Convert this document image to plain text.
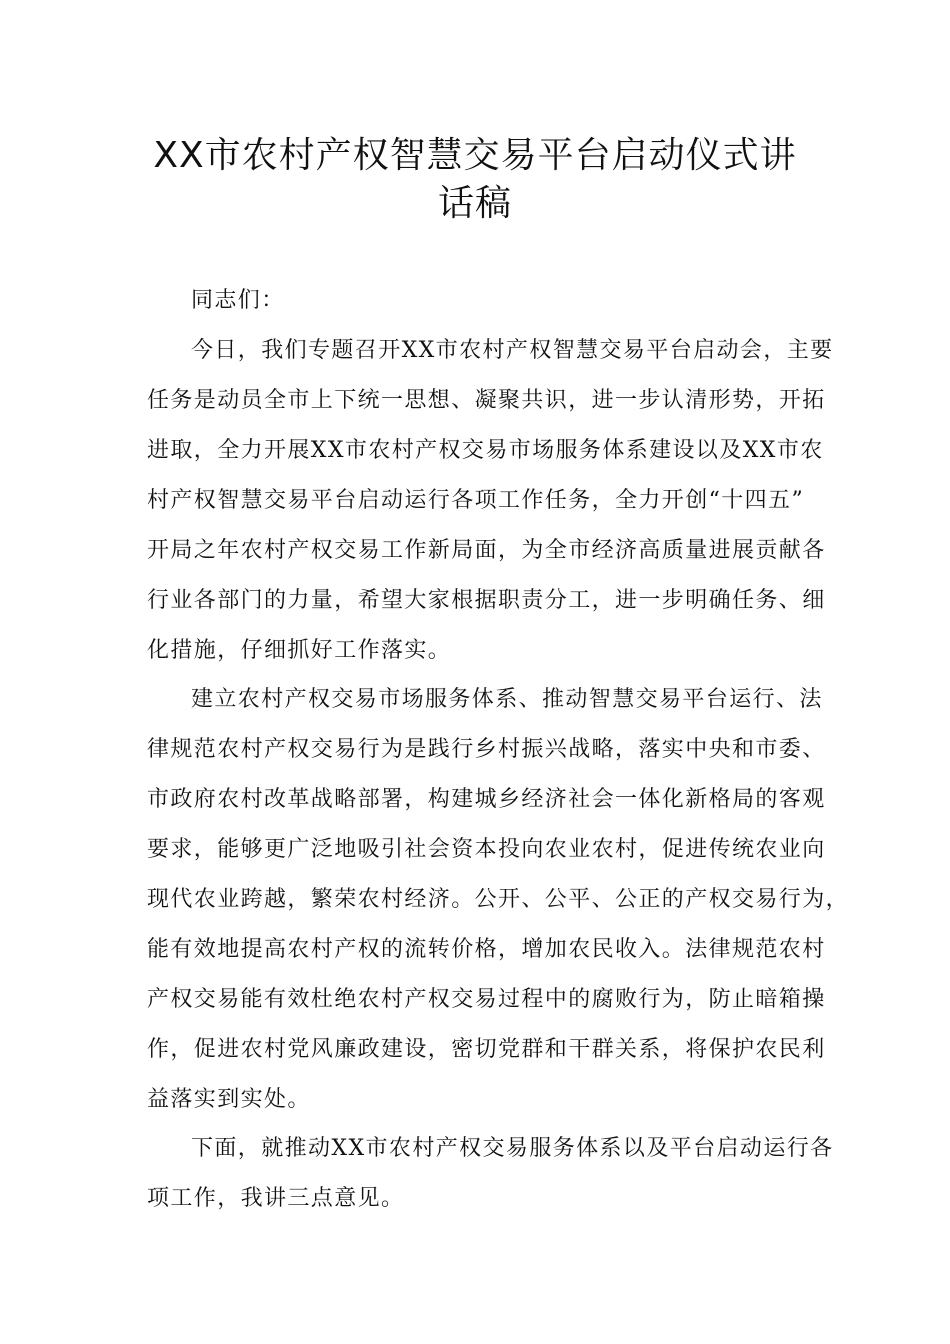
XX市农村产权智慧交易平台启动仪式讲
话稿
同志们：
今日，我们专题召开XX市农村产权智慧交易平台启动会，主要
任务是动员全市上下统一思想、凝聚共识，进一步认清形势，开拓
进取，全力开展XX市农村产权交易市场服务体系建设以及XX市农
村产权智慧交易平台启动运行各项工作任务，全力开创“十四五”
开局之年农村产权交易工作新局面，为全市经济高质量进展贡献各
行业各部门的力量，希望大家根据职责分工，进一步明确任务、细
化措施，仔细抓好工作落实。
建立农村产权交易市场服务体系、推动智慧交易平台运行、法
律规范农村产权交易行为是践行乡村振兴战略，落实中央和市委、
市政府农村改革战略部署，构建城乡经济社会一体化新格局的客观
要求，能够更广泛地吸引社会资本投向农业农村，促进传统农业向
现代农业跨越，繁荣农村经济。公开、公平、公正的产权交易行为，
能有效地提高农村产权的流转价格，增加农民收入。法律规范农村
产权交易能有效杜绝农村产权交易过程中的腐败行为，防止暗箱操
作，促进农村党风廉政建设，密切党群和干群关系，将保护农民利
益落实到实处。
下面，就推动XX市农村产权交易服务体系以及平台启动运行各
项工作，我讲三点意见。
